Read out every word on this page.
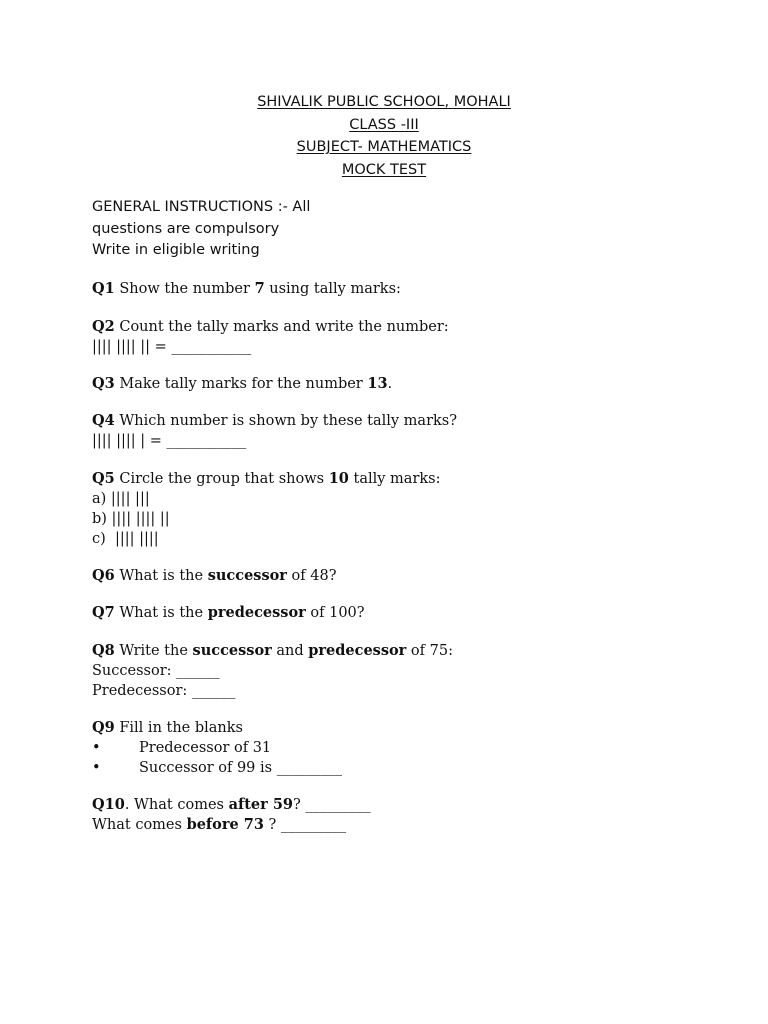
SHIVALIK PUBLIC SCHOOL, MOHALI
CLASS -III
SUBJECT- MATHEMATICS
MOCK TEST
GENERAL INSTRUCTIONS :- All
questions are compulsory
Write in eligible writing
Q1 Show the number 7 using tally marks:
Q2 Count the tally marks and write the number:
|||| |||| || = ___________
Q3 Make tally marks for the number 13.
Q4 Which number is shown by these tally marks?
|||| |||| | = ___________
Q5 Circle the group that shows 10 tally marks:
a) |||| |||
b) |||| |||| ||
c)  |||| ||||
Q6 What is the successor of 48?
Q7 What is the predecessor of 100?
Q8 Write the successor and predecessor of 75:
Successor: ______
Predecessor: ______
Q9 Fill in the blanks
•	Predecessor of 31
•	Successor of 99 is _________
Q10. What comes after 59? _________
What comes before 73 ? _________
